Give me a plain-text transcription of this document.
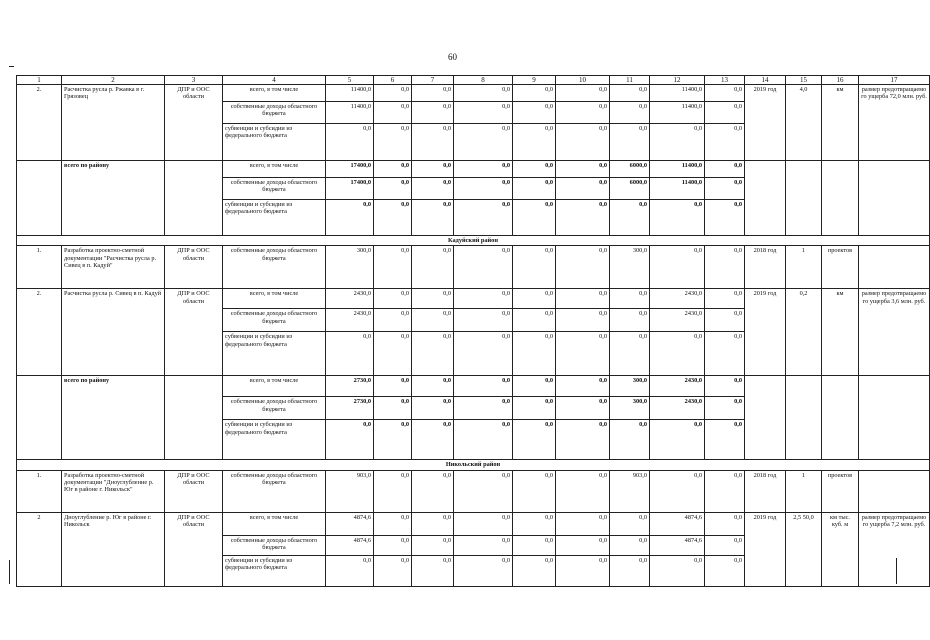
60
1	2	3	4	5	6	7	8	9	10	11	12	13	14	15	16	17
2.	Расчистка русла р. Ржавка в г. Грязовец	ДПР и ООС области	всего, в том числе	11400,0	0,0	0,0	0,0	0,0	0,0	0,0	11400,0	0,0	2019 год	4,0	км	размер предотвращаемо го ущерба 72,0 млн. руб.
			собственные доходы областного бюджета	11400,0	0,0	0,0	0,0	0,0	0,0	0,0	11400,0	0,0				
			субвенции и субсидии из федерального бюджета	0,0	0,0	0,0	0,0	0,0	0,0	0,0	0,0	0,0				
	всего по району		всего, в том числе	17400,0	0,0	0,0	0,0	0,0	0,0	6000,0	11400,0	0,0				
			собственные доходы областного бюджета	17400,0	0,0	0,0	0,0	0,0	0,0	6000,0	11400,0	0,0				
			субвенции и субсидии из федерального бюджета	0,0	0,0	0,0	0,0	0,0	0,0	0,0	0,0	0,0				
Кадуйский район																
1.	Разработка проектно-сметной документации "Расчистка русла р. Сивец в п. Кадуй"	ДПР и ООС области	собственные доходы областного бюджета	300,0	0,0	0,0	0,0	0,0	0,0	300,0	0,0	0,0	2018 год	1	проектов	
2.	Расчистка русла р. Сивец в п. Кадуй	ДПР и ООС области	всего, в том числе	2430,0	0,0	0,0	0,0	0,0	0,0	0,0	2430,0	0,0	2019 год	0,2	км	размер предотвращаемо го ущерба 3,6 млн. руб.
			собственные доходы областного бюджета	2430,0	0,0	0,0	0,0	0,0	0,0	0,0	2430,0	0,0				
			субвенции и субсидии из федерального бюджета	0,0	0,0	0,0	0,0	0,0	0,0	0,0	0,0	0,0				
	всего по району		всего, в том числе	2730,0	0,0	0,0	0,0	0,0	0,0	300,0	2430,0	0,0				
			собственные доходы областного бюджета	2730,0	0,0	0,0	0,0	0,0	0,0	300,0	2430,0	0,0				
			субвенции и субсидии из федерального бюджета	0,0	0,0	0,0	0,0	0,0	0,0	0,0	0,0	0,0				
Никольский район																
1.	Разработка проектно-сметной документации "Дноуглубление р. Юг в районе г. Никольск"	ДПР и ООС области	собственные доходы областного бюджета	903,0	0,0	0,0	0,0	0,0	0,0	903,0	0,0	0,0	2018 год	1	проектов	
2	Дноуглубление р. Юг в районе г. Никольск	ДПР и ООС области	всего, в том числе	4874,6	0,0	0,0	0,0	0,0	0,0	0,0	4874,6	0,0	2019 год	2,5 50,0	км тыс. куб. м	размер предотвращаемо го ущерба 7,2 млн. руб.
			собственные доходы областного бюджета	4874,6	0,0	0,0	0,0	0,0	0,0	0,0	4874,6	0,0				
			субвенции и субсидии из федерального бюджета	0,0	0,0	0,0	0,0	0,0	0,0	0,0	0,0	0,0				
